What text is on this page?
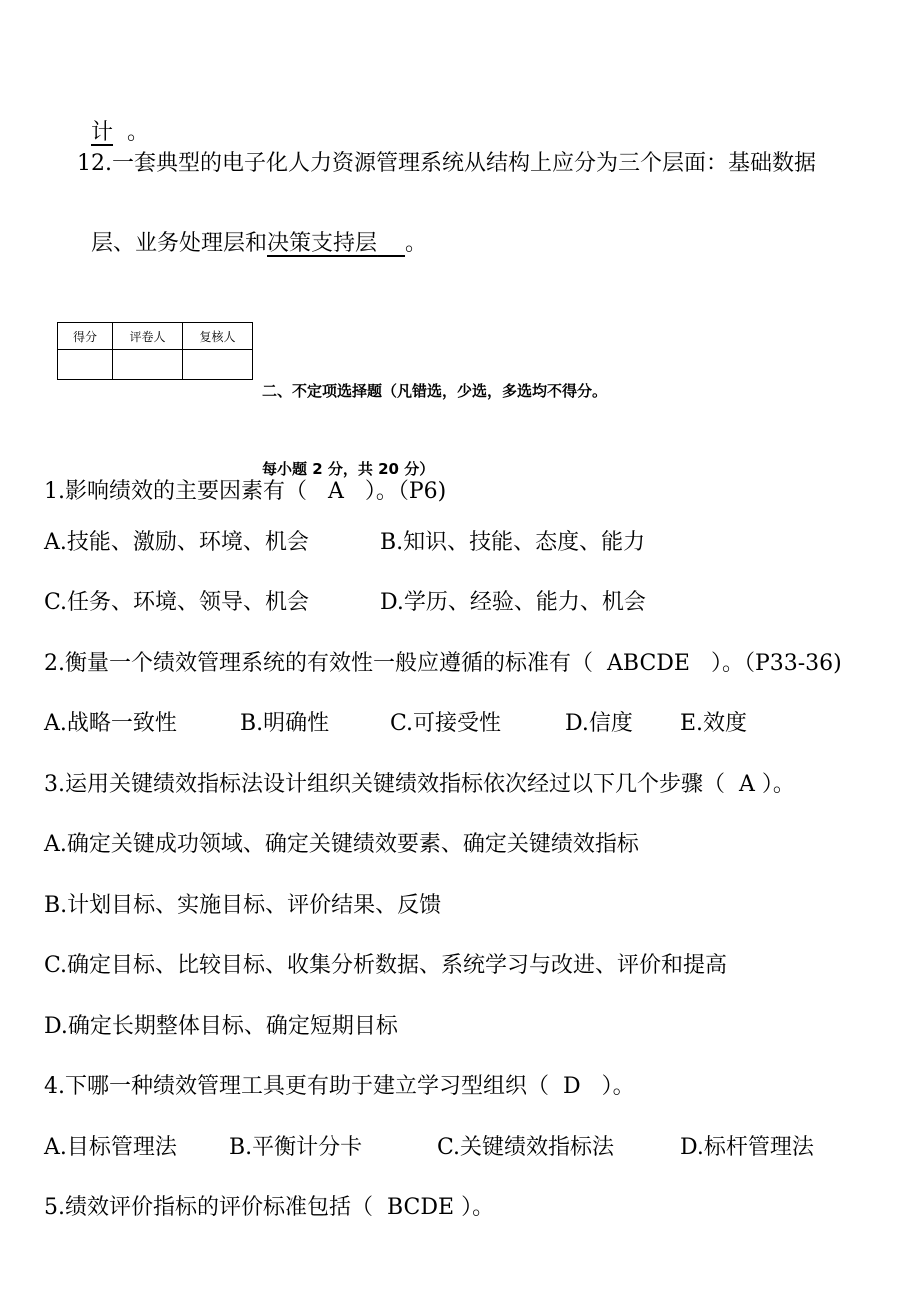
计 。

12.一套典型的电子化人力资源管理系统从结构上应分为三个层面：基础数据

层、业务处理层和决策支持层 。

得分	评卷人	复核人

二、不定项选择题（凡错选，少选，多选均不得分。

每小题 2 分，共 20 分）

1.影响绩效的主要因素有（   A   ）。（P6)
A.技能、激励、环境、机会	B.知识、技能、态度、能力
C.任务、环境、领导、机会	D.学历、经验、能力、机会
2.衡量一个绩效管理系统的有效性一般应遵循的标准有（  ABCDE   ）。（P33-36)
A.战略一致性	B.明确性	C.可接受性	D.信度 E.效度
3.运用关键绩效指标法设计组织关键绩效指标依次经过以下几个步骤（  A ）。
A.确定关键成功领域、确定关键绩效要素、确定关键绩效指标
B.计划目标、实施目标、评价结果、反馈
C.确定目标、比较目标、收集分析数据、系统学习与改进、评价和提高
D.确定长期整体目标、确定短期目标
4.下哪一种绩效管理工具更有助于建立学习型组织（  D   ）。
A.目标管理法 B.平衡计分卡	C.关键绩效指标法	D.标杆管理法
5.绩效评价指标的评价标准包括（  BCDE ）。
